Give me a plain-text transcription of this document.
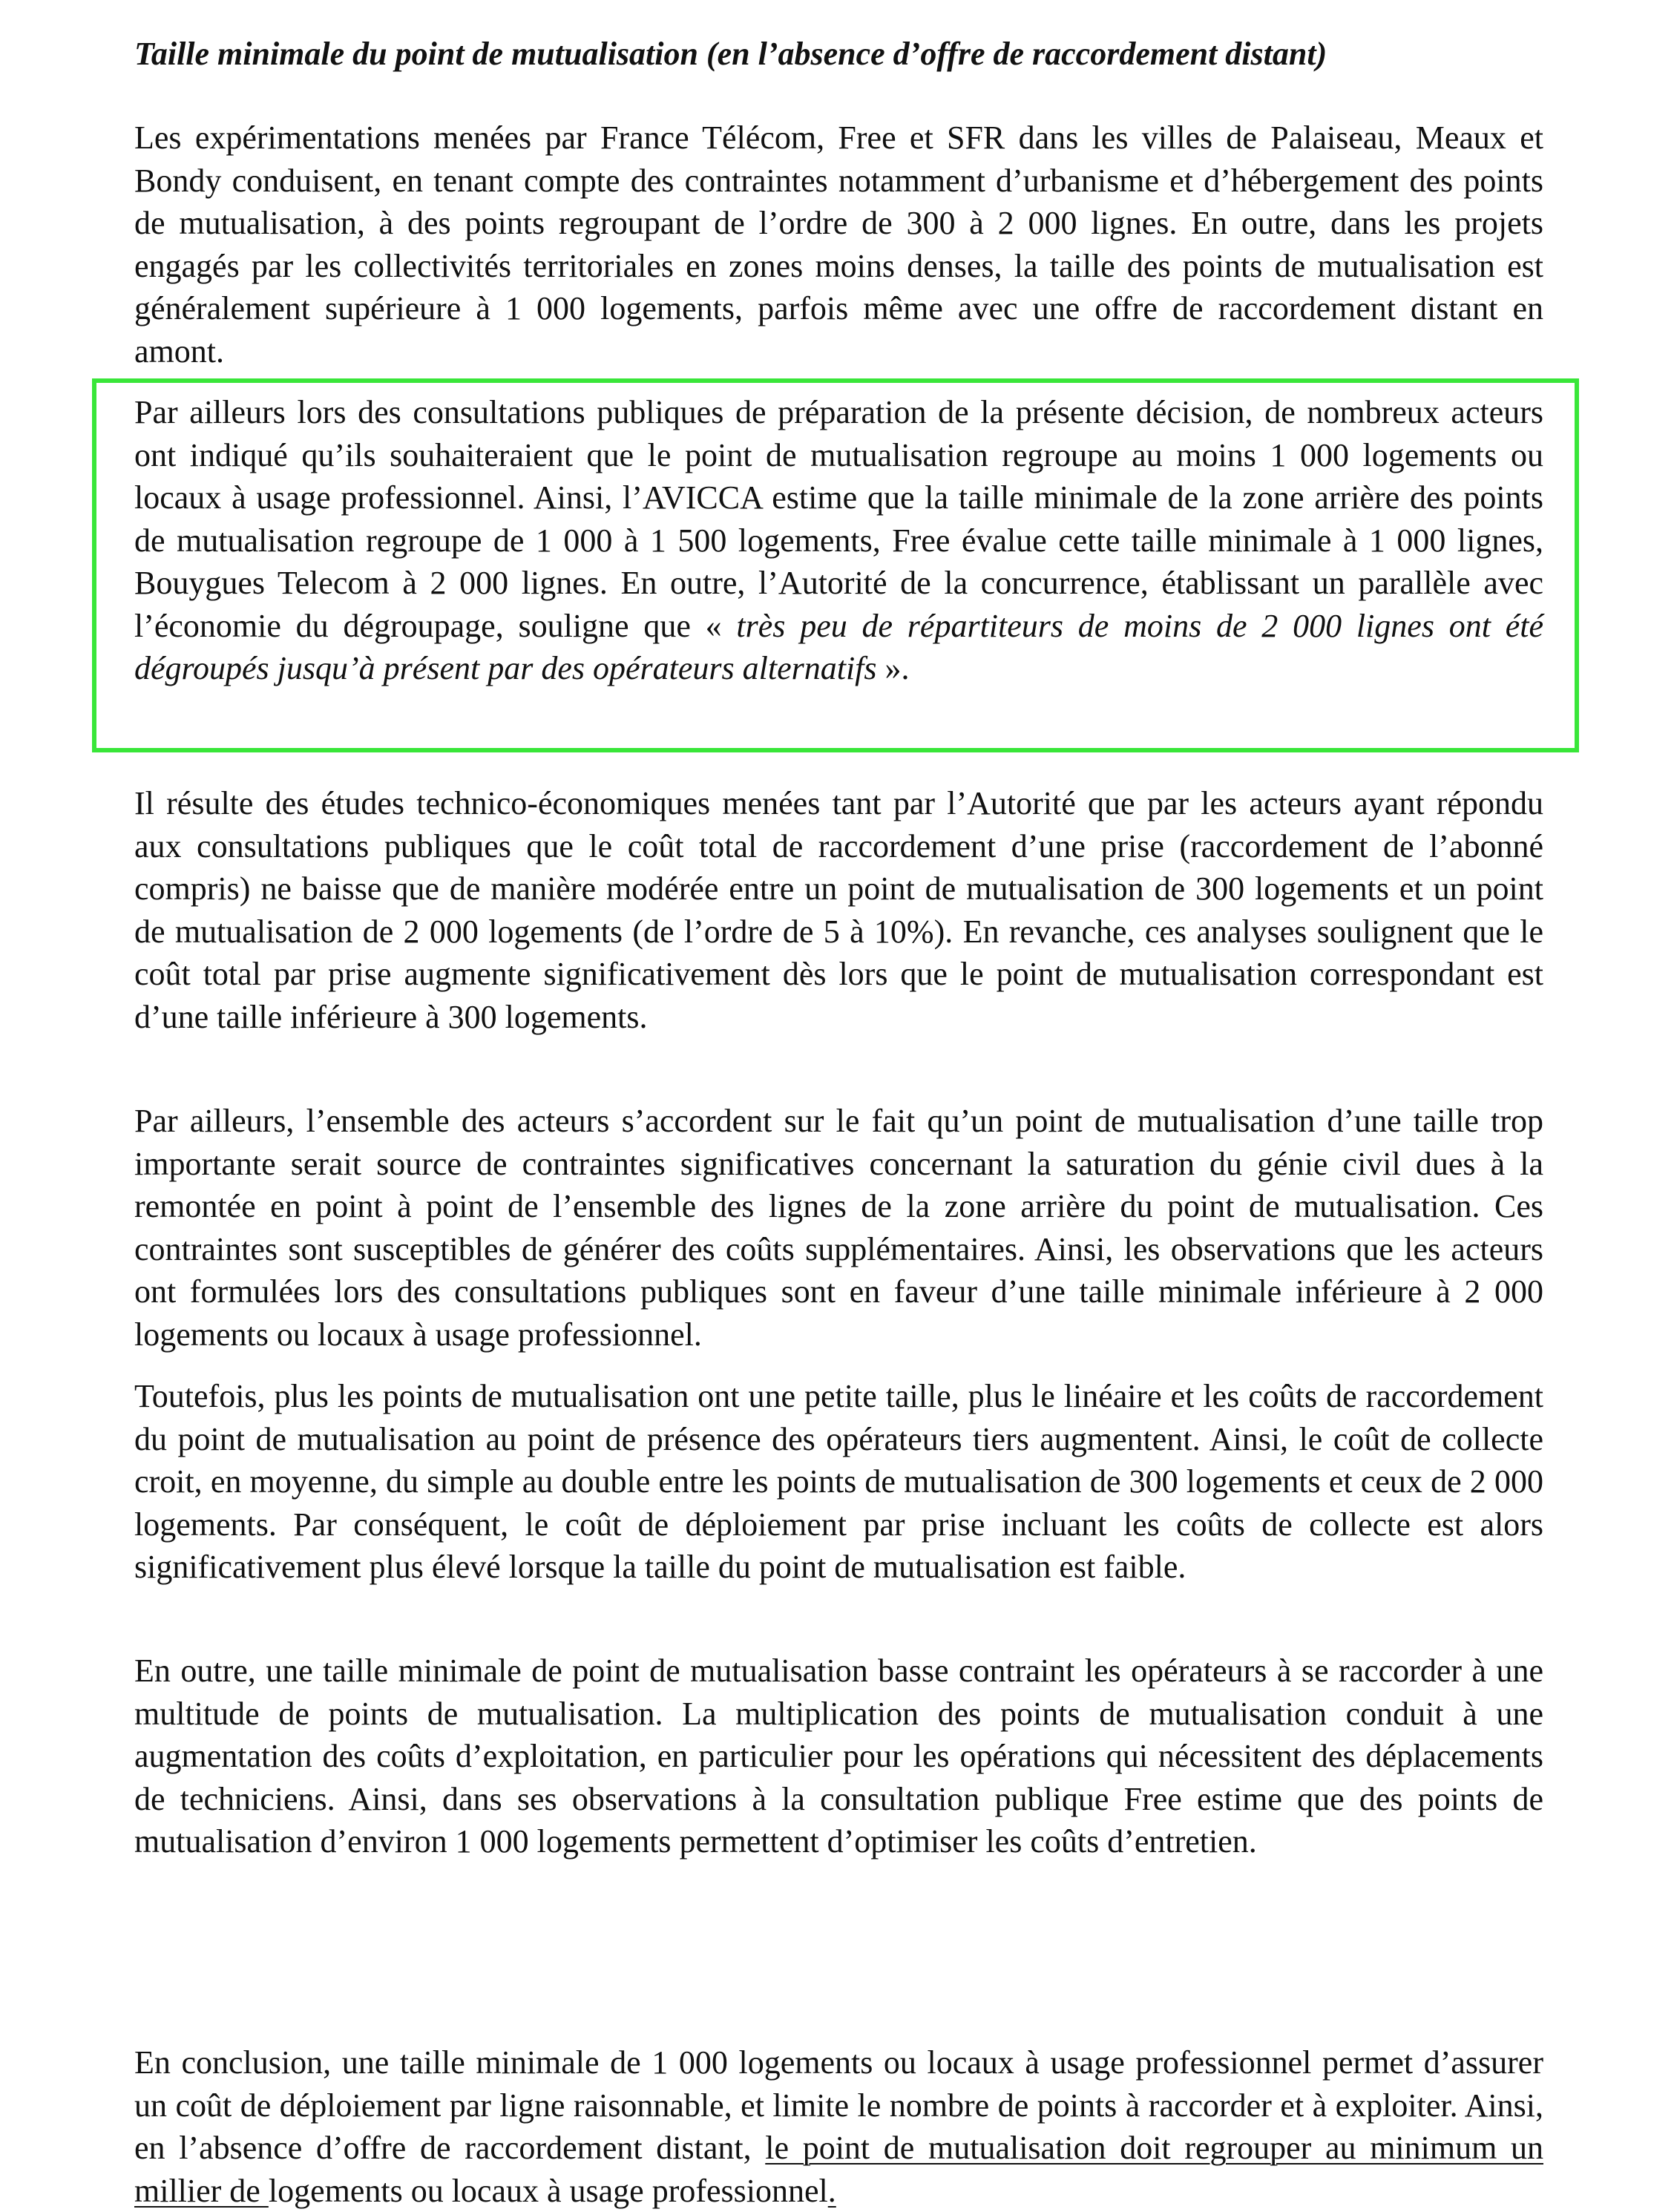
Taille minimale du point de mutualisation (en l’absence d’offre de raccordement distant)

Les expérimentations menées par France Télécom, Free et SFR dans les villes de Palaiseau, Meaux et Bondy conduisent, en tenant compte des contraintes notamment d’urbanisme et d’hébergement des points de mutualisation, à des points regroupant de l’ordre de 300 à 2 000 lignes. En outre, dans les projets engagés par les collectivités territoriales en zones moins denses, la taille des points de mutualisation est généralement supérieure à 1 000 logements, parfois même avec une offre de raccordement distant en amont.

Par ailleurs lors des consultations publiques de préparation de la présente décision, de nombreux acteurs ont indiqué qu’ils souhaiteraient que le point de mutualisation regroupe au moins 1 000 logements ou locaux à usage professionnel. Ainsi, l’AVICCA estime que la taille minimale de la zone arrière des points de mutualisation regroupe de 1 000 à 1 500 logements, Free évalue cette taille minimale à 1 000 lignes, Bouygues Telecom à 2 000 lignes. En outre, l’Autorité de la concurrence, établissant un parallèle avec l’économie du dégroupage, souligne que « très peu de répartiteurs de moins de 2 000 lignes ont été dégroupés jusqu’à présent par des opérateurs alternatifs ».

Il résulte des études technico-économiques menées tant par l’Autorité que par les acteurs ayant répondu aux consultations publiques que le coût total de raccordement d’une prise (raccordement de l’abonné compris) ne baisse que de manière modérée entre un point de mutualisation de 300 logements et un point de mutualisation de 2 000 logements (de l’ordre de 5 à 10%). En revanche, ces analyses soulignent que le coût total par prise augmente significativement dès lors que le point de mutualisation correspondant est d’une taille inférieure à 300 logements.

Par ailleurs, l’ensemble des acteurs s’accordent sur le fait qu’un point de mutualisation d’une taille trop importante serait source de contraintes significatives concernant la saturation du génie civil dues à la remontée en point à point de l’ensemble des lignes de la zone arrière du point de mutualisation. Ces contraintes sont susceptibles de générer des coûts supplémentaires. Ainsi, les observations que les acteurs ont formulées lors des consultations publiques sont en faveur d’une taille minimale inférieure à 2 000 logements ou locaux à usage professionnel.

Toutefois, plus les points de mutualisation ont une petite taille, plus le linéaire et les coûts de raccordement du point de mutualisation au point de présence des opérateurs tiers augmentent. Ainsi, le coût de collecte croit, en moyenne, du simple au double entre les points de mutualisation de 300 logements et ceux de 2 000 logements. Par conséquent, le coût de déploiement par prise incluant les coûts de collecte est alors significativement plus élevé lorsque la taille du point de mutualisation est faible.

En outre, une taille minimale de point de mutualisation basse contraint les opérateurs à se raccorder à une multitude de points de mutualisation. La multiplication des points de mutualisation conduit à une augmentation des coûts d’exploitation, en particulier pour les opérations qui nécessitent des déplacements de techniciens. Ainsi, dans ses observations à la consultation publique Free estime que des points de mutualisation d’environ 1 000 logements permettent d’optimiser les coûts d’entretien.

En conclusion, une taille minimale de 1 000 logements ou locaux à usage professionnel permet d’assurer un coût de déploiement par ligne raisonnable, et limite le nombre de points à raccorder et à exploiter. Ainsi, en l’absence d’offre de raccordement distant, le point de mutualisation doit regrouper au minimum un millier de logements ou locaux à usage professionnel.
